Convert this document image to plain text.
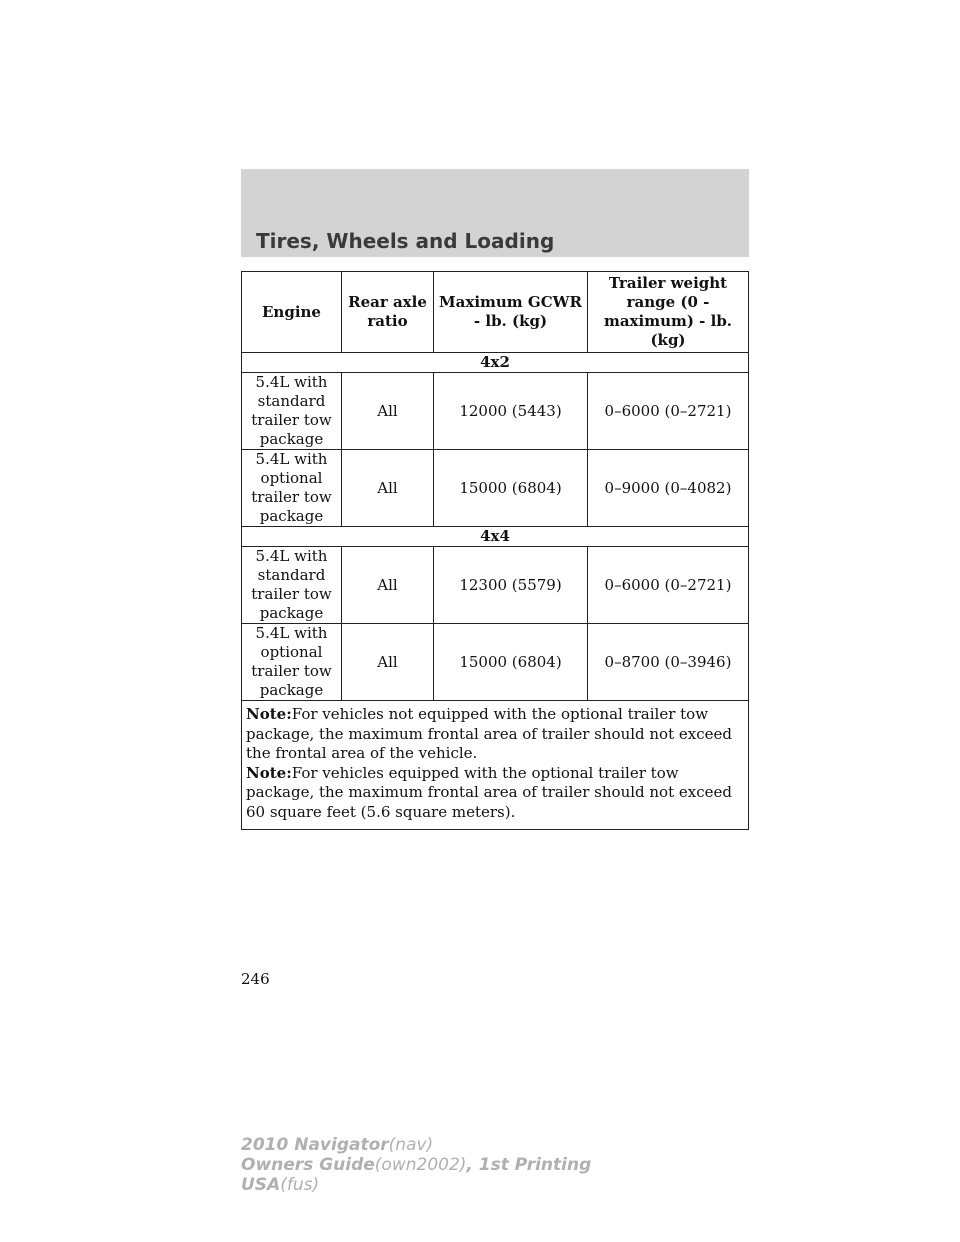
Tires, Wheels and Loading
Engine	Rear axle ratio	Maximum GCWR - lb. (kg)	Trailer weight range (0 - maximum) - lb. (kg)
4x2			
5.4L with standard trailer tow package	All	12000 (5443)	0–6000 (0–2721)
5.4L with optional trailer tow package	All	15000 (6804)	0–9000 (0–4082)
4x4			
5.4L with standard trailer tow package	All	12300 (5579)	0–6000 (0–2721)
5.4L with optional trailer tow package	All	15000 (6804)	0–8700 (0–3946)

Note:For vehicles not equipped with the optional trailer tow package, the maximum frontal area of trailer should not exceed the frontal area of the vehicle.
Note:For vehicles equipped with the optional trailer tow package, the maximum frontal area of trailer should not exceed 60 square feet (5.6 square meters).			
246
2010 Navigator(nav)
Owners Guide(own2002), 1st Printing
USA(fus)
